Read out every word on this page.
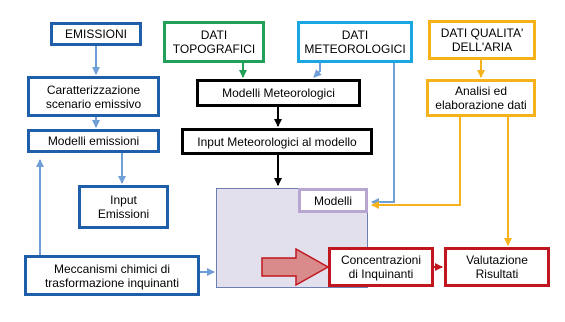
EMISSIONI	DATI
TOPOGRAFICI
DATI
METEOROLOGICI
DATI QUALITA'
DELL'ARIA
Caratterizzazione
scenario emissivo
Modelli Meteorologici	Analisi ed
elaborazione dati
Modelli emissioni	Input Meteorologici al modello
Input
Emissioni
Modelli
Meccanismi chimici di
trasformazione inquinanti
Concentrazioni
di Inquinanti
Valutazione
Risultati
